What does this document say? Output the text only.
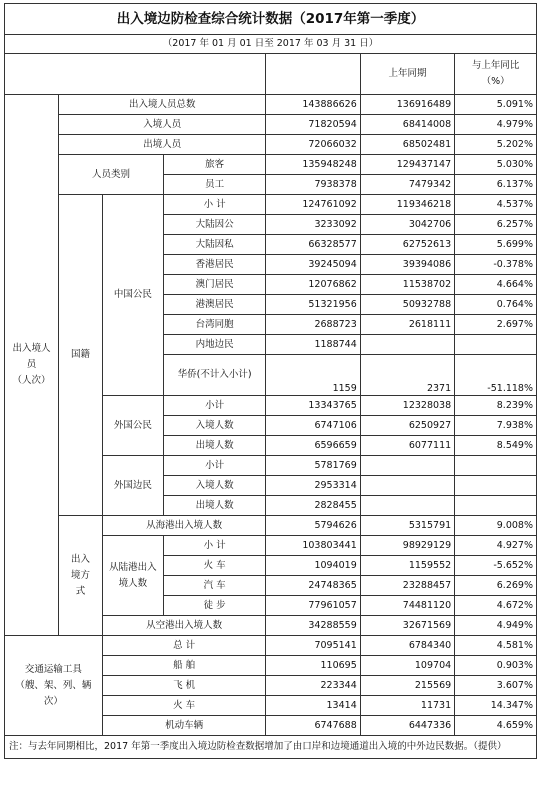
出入境边防检查综合统计数据（2017年第一季度）						
（2017 年 01 月 01 日至 2017 年 03 月 31 日）						
					上年同期	与上年同比
（%）
出入境人员
（人次）	出入境人员总数			143886626	136916489	5.091%
	入境人员			71820594	68414008	4.979%
	出境人员			72066032	68502481	5.202%
	人员类别		旅客	135948248	129437147	5.030%
			员工	7938378	7479342	6.137%
	国籍	中国公民	小 计	124761092	119346218	4.537%
			大陆因公	3233092	3042706	6.257%
			大陆因私	66328577	62752613	5.699%
			香港居民	39245094	39394086	-0.378%
			澳门居民	12076862	11538702	4.664%
			港澳居民	51321956	50932788	0.764%
			台湾同胞	2688723	2618111	2.697%
			内地边民	1188744		
			华侨(不计入小计)	1159	2371	-51.118%
		外国公民	小计	13343765	12328038	8.239%
			入境人数	6747106	6250927	7.938%
			出境人数	6596659	6077111	8.549%
		外国边民	小计	5781769		
			入境人数	2953314		
			出境人数	2828455		
	出入境方式	从海港出入境人数		5794626	5315791	9.008%
		从陆港出入境人数	小 计	103803441	98929129	4.927%
			火 车	1094019	1159552	-5.652%
			汽 车	24748365	23288457	6.269%
			徒 步	77961057	74481120	4.672%
		从空港出入境人数		34288559	32671569	4.949%
交通运输工具（艘、架、列、辆次）		总 计		7095141	6784340	4.581%
		船 舶		110695	109704	0.903%
		飞 机		223344	215569	3.607%
		火 车		13414	11731	14.347%
		机动车辆		6747688	6447336	4.659%
注：与去年同期相比，2017 年第一季度出入境边防检查数据增加了由口岸和边境通道出入境的中外边民数据。（提供）						
